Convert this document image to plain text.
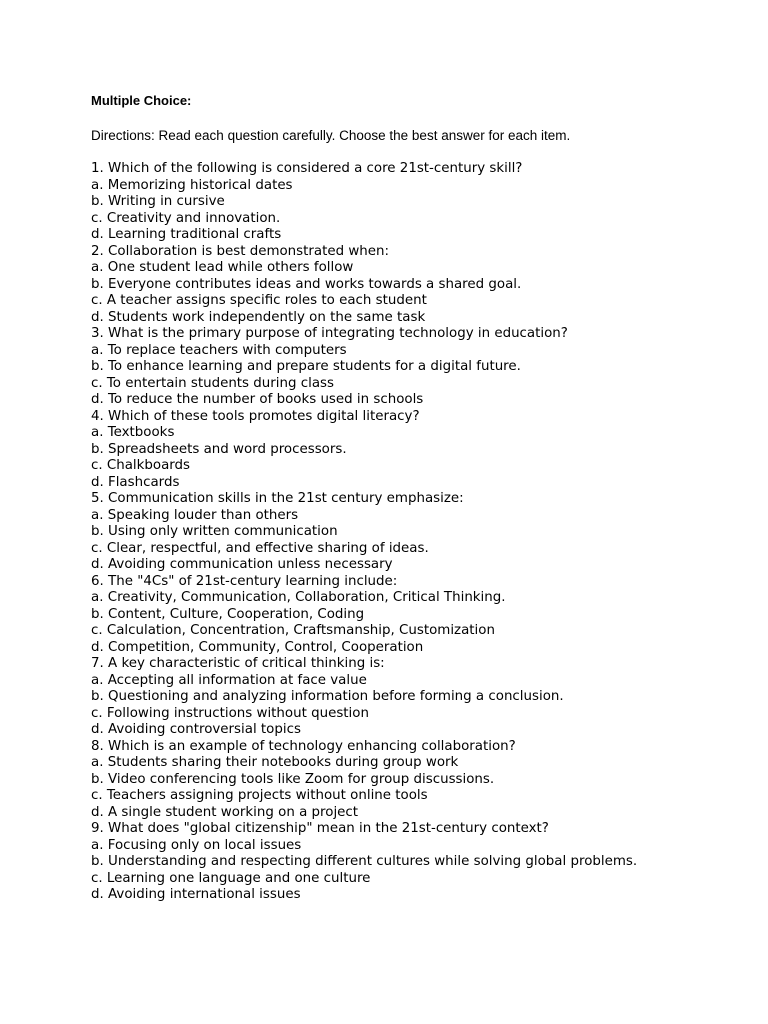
Multiple Choice:
Directions: Read each question carefully. Choose the best answer for each item.
1. Which of the following is considered a core 21st-century skill?
a. Memorizing historical dates
b. Writing in cursive
c. Creativity and innovation.
d. Learning traditional crafts
2. Collaboration is best demonstrated when:
a. One student lead while others follow
b. Everyone contributes ideas and works towards a shared goal.
c. A teacher assigns specific roles to each student
d. Students work independently on the same task
3. What is the primary purpose of integrating technology in education?
a. To replace teachers with computers
b. To enhance learning and prepare students for a digital future.
c. To entertain students during class
d. To reduce the number of books used in schools
4. Which of these tools promotes digital literacy?
a. Textbooks
b. Spreadsheets and word processors.
c. Chalkboards
d. Flashcards
5. Communication skills in the 21st century emphasize:
a. Speaking louder than others
b. Using only written communication
c. Clear, respectful, and effective sharing of ideas.
d. Avoiding communication unless necessary
6. The "4Cs" of 21st-century learning include:
a. Creativity, Communication, Collaboration, Critical Thinking.
b. Content, Culture, Cooperation, Coding
c. Calculation, Concentration, Craftsmanship, Customization
d. Competition, Community, Control, Cooperation
7. A key characteristic of critical thinking is:
a. Accepting all information at face value
b. Questioning and analyzing information before forming a conclusion.
c. Following instructions without question
d. Avoiding controversial topics
8. Which is an example of technology enhancing collaboration?
a. Students sharing their notebooks during group work
b. Video conferencing tools like Zoom for group discussions.
c. Teachers assigning projects without online tools
d. A single student working on a project
9. What does "global citizenship" mean in the 21st-century context?
a. Focusing only on local issues
b. Understanding and respecting different cultures while solving global problems.
c. Learning one language and one culture
d. Avoiding international issues
